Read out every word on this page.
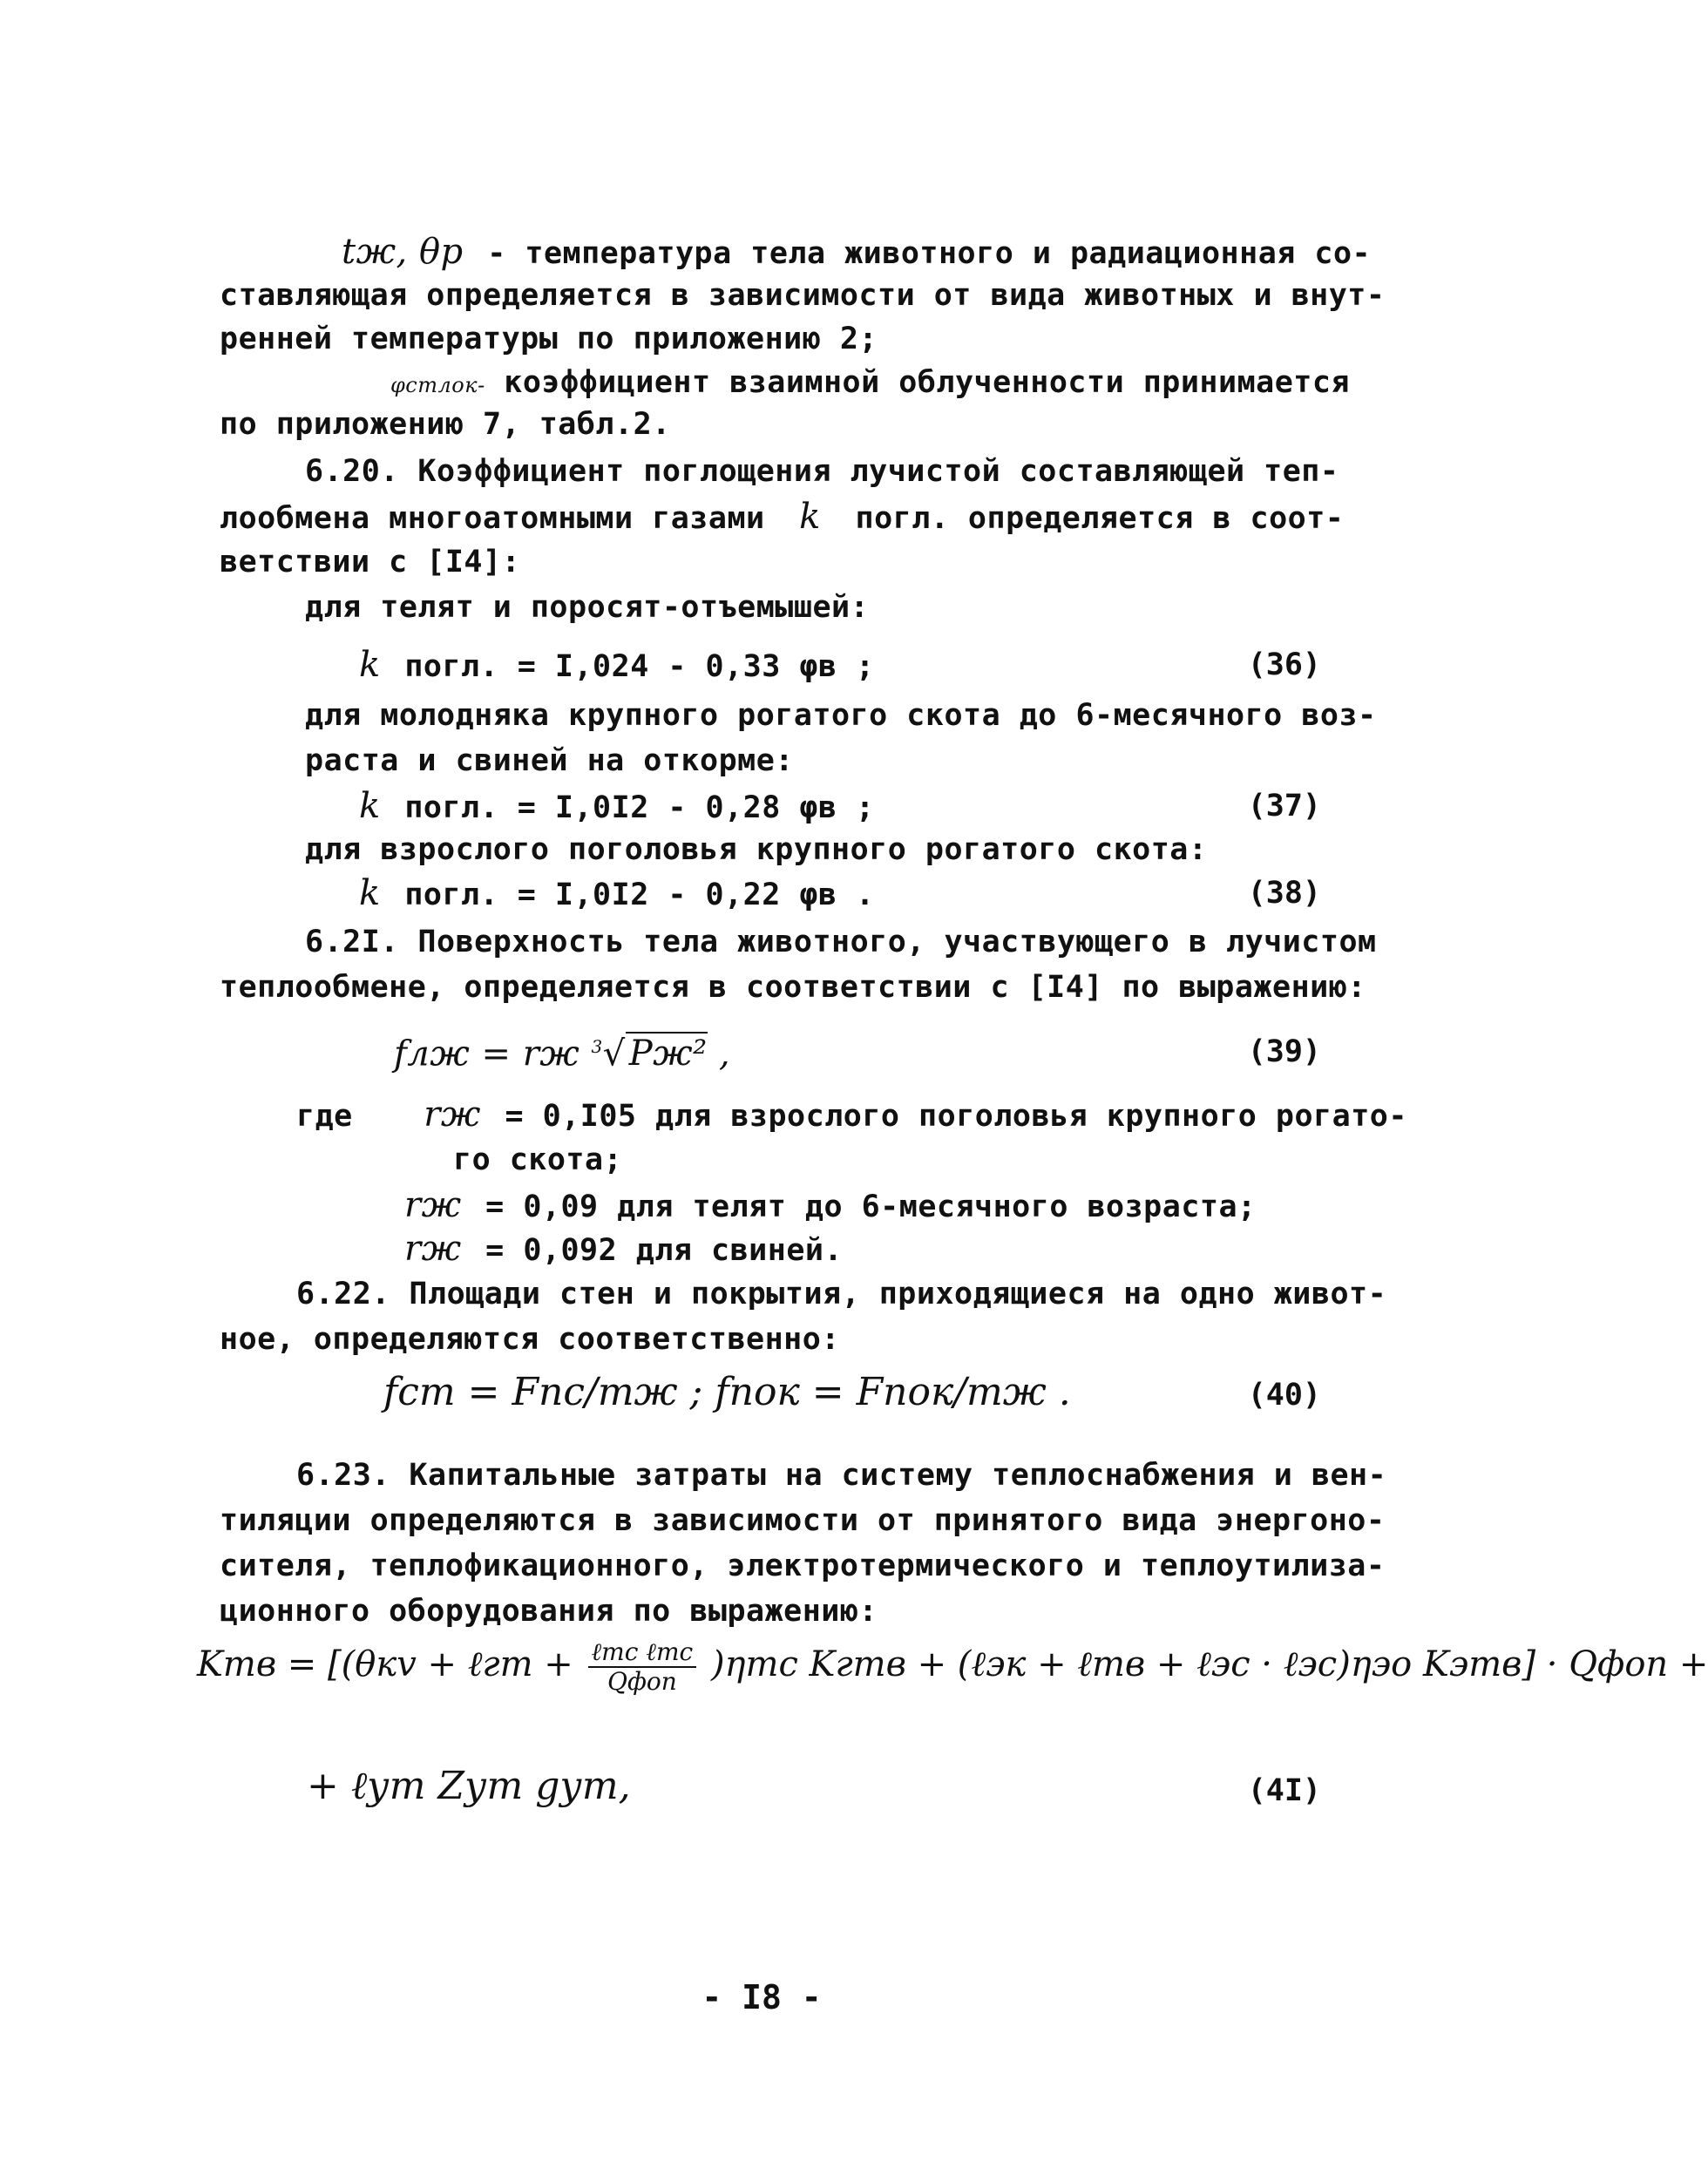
tж, θр - температура тела животного и радиационная со-
ставляющая определяется в зависимости от вида животных и внут-
ренней температуры по приложению 2;
φстлок- коэффициент взаимной облученности принимается
по приложению 7, табл.2.
6.20. Коэффициент поглощения лучистой составляющей теп-
лообмена многоатомными газами k погл. определяется в соот-
ветствии с [I4]:
для телят и поросят-отъемышей:
k погл. = I,024 - 0,33 φв ;	(36)
для молодняка крупного рогатого скота до 6-месячного воз-
раста и свиней на откорме:
k погл. = I,0I2 - 0,28 φв ;	(37)
для взрослого поголовья крупного рогатого скота:
k погл. = I,0I2 - 0,22 φв .	(38)
6.2I. Поверхность тела животного, участвующего в лучистом
теплообмене, определяется в соответствии с [I4] по выражению:
fлж = rж $^3$√ Pж² ,	(39)
где rж = 0,I05 для взрослого поголовья крупного рогато-
го скота;
rж = 0,09 для телят до 6-месячного возраста;
rж = 0,092 для свиней.
6.22. Площади стен и покрытия, приходящиеся на одно живот-
ное, определяются соответственно:
fст = Fпс/mж ; fпок = Fпок/mж .	(40)
6.23. Капитальные затраты на систему теплоснабжения и вен-
тиляции определяются в зависимости от принятого вида энергоно-
сителя, теплофикационного, электротермического и теплоутилиза-
ционного оборудования по выражению:
Kтв = [(θкv + ℓгт + $\frac{\text{ℓтс ℓтс}}{\text{Qфоп}} )\eta тс$ Kгтв + (ℓэк + ℓтв + ℓэс · ℓэс)ηэо Kэтв] · Qфоп +
+ ℓут Zут gут,	(4I)
- I8 -
